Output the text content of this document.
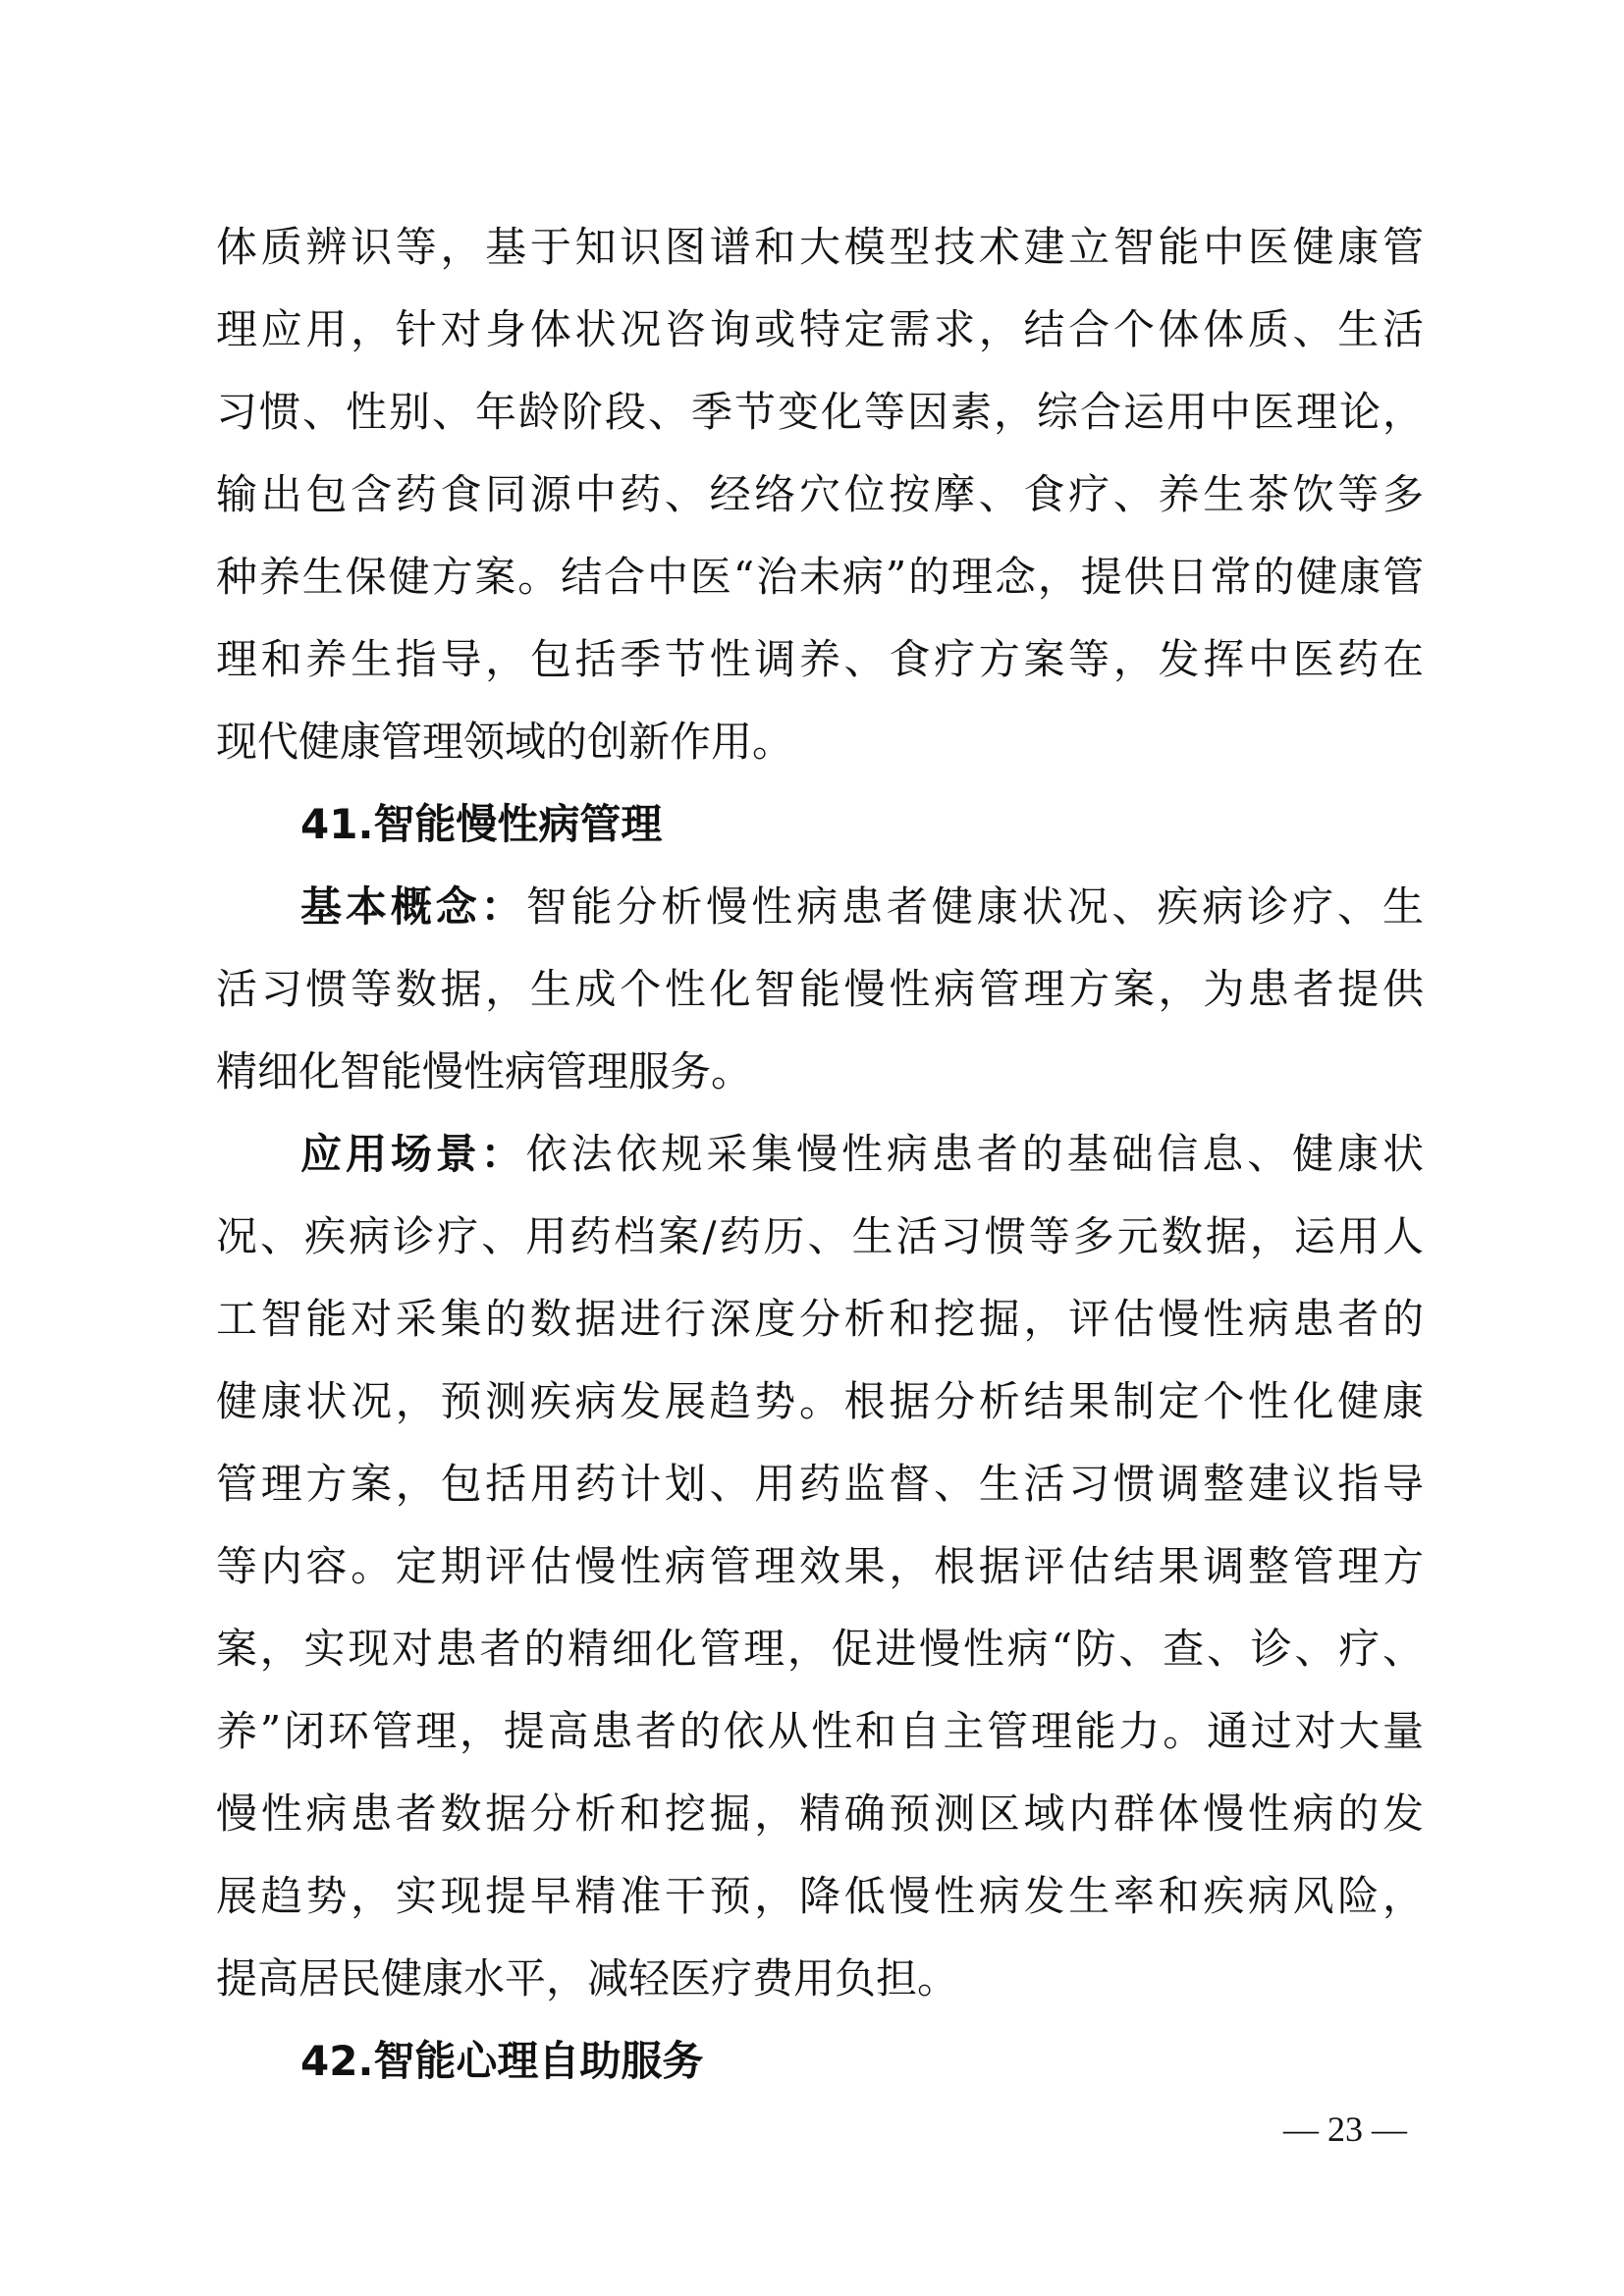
体质辨识等，基于知识图谱和大模型技术建立智能中医健康管
理应用，针对身体状况咨询或特定需求，结合个体体质、生活
习惯、性别、年龄阶段、季节变化等因素，综合运用中医理论，
输出包含药食同源中药、经络穴位按摩、食疗、养生茶饮等多
种养生保健方案。结合中医“治未病”的理念，提供日常的健康管
理和养生指导，包括季节性调养、食疗方案等，发挥中医药在
现代健康管理领域的创新作用。
41.智能慢性病管理
基本概念：智能分析慢性病患者健康状况、疾病诊疗、生
活习惯等数据，生成个性化智能慢性病管理方案，为患者提供
精细化智能慢性病管理服务。
应用场景：依法依规采集慢性病患者的基础信息、健康状
况、疾病诊疗、用药档案/药历、生活习惯等多元数据，运用人
工智能对采集的数据进行深度分析和挖掘，评估慢性病患者的
健康状况，预测疾病发展趋势。根据分析结果制定个性化健康
管理方案，包括用药计划、用药监督、生活习惯调整建议指导
等内容。定期评估慢性病管理效果，根据评估结果调整管理方
案，实现对患者的精细化管理，促进慢性病“防、查、诊、疗、
养”闭环管理，提高患者的依从性和自主管理能力。通过对大量
慢性病患者数据分析和挖掘，精确预测区域内群体慢性病的发
展趋势，实现提早精准干预，降低慢性病发生率和疾病风险，
提高居民健康水平，减轻医疗费用负担。
42.智能心理自助服务
— 23 —
